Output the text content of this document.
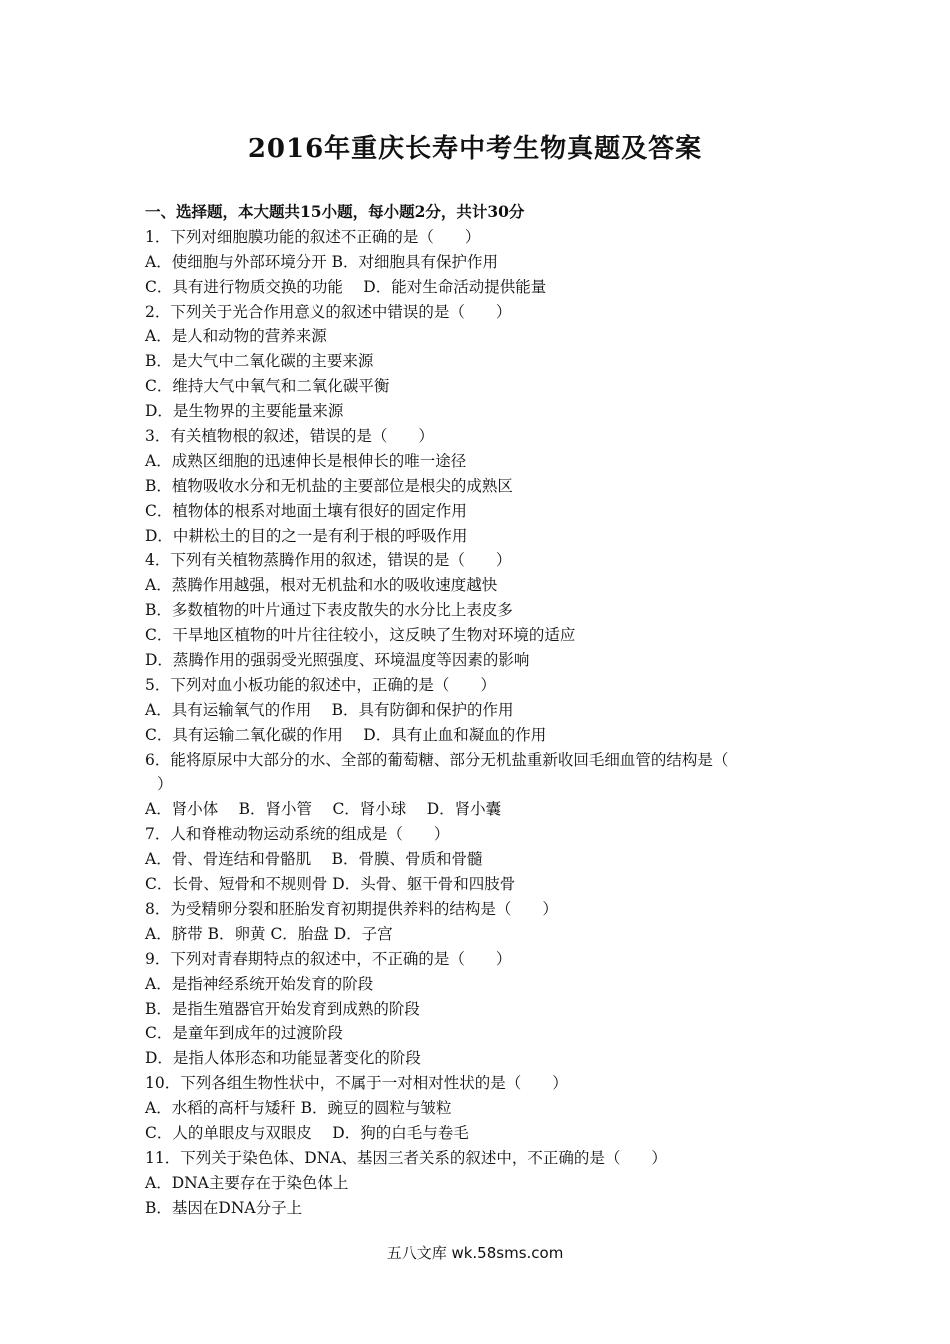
2016年重庆长寿中考生物真题及答案
一、选择题，本大题共15小题，每小题2分，共计30分
1．下列对细胞膜功能的叙述不正确的是（　　）
A．使细胞与外部环境分开 B．对细胞具有保护作用
C．具有进行物质交换的功能　 D．能对生命活动提供能量
2．下列关于光合作用意义的叙述中错误的是（　　）
A．是人和动物的营养来源
B．是大气中二氧化碳的主要来源
C．维持大气中氧气和二氧化碳平衡
D．是生物界的主要能量来源
3．有关植物根的叙述，错误的是（　　）
A．成熟区细胞的迅速伸长是根伸长的唯一途径
B．植物吸收水分和无机盐的主要部位是根尖的成熟区
C．植物体的根系对地面土壤有很好的固定作用
D．中耕松土的目的之一是有利于根的呼吸作用
4．下列有关植物蒸腾作用的叙述，错误的是（　　）
A．蒸腾作用越强，根对无机盐和水的吸收速度越快
B．多数植物的叶片通过下表皮散失的水分比上表皮多
C．干旱地区植物的叶片往往较小，这反映了生物对环境的适应
D．蒸腾作用的强弱受光照强度、环境温度等因素的影响
5．下列对血小板功能的叙述中，正确的是（　　）
A．具有运输氧气的作用　 B．具有防御和保护的作用
C．具有运输二氧化碳的作用　 D．具有止血和凝血的作用
6．能将原尿中大部分的水、全部的葡萄糖、部分无机盐重新收回毛细血管的结构是（
）
A．肾小体　 B．肾小管　 C．肾小球　 D．肾小囊
7．人和脊椎动物运动系统的组成是（　　）
A．骨、骨连结和骨骼肌　 B．骨膜、骨质和骨髓
C．长骨、短骨和不规则骨 D．头骨、躯干骨和四肢骨
8．为受精卵分裂和胚胎发育初期提供养料的结构是（　　）
A．脐带 B．卵黄 C．胎盘 D．子宫
9．下列对青春期特点的叙述中，不正确的是（　　）
A．是指神经系统开始发育的阶段
B．是指生殖器官开始发育到成熟的阶段
C．是童年到成年的过渡阶段
D．是指人体形态和功能显著变化的阶段
10．下列各组生物性状中，不属于一对相对性状的是（　　）
A．水稻的高杆与矮秆 B．豌豆的圆粒与皱粒
C．人的单眼皮与双眼皮　 D．狗的白毛与卷毛
11．下列关于染色体、DNA、基因三者关系的叙述中，不正确的是（　　）
A．DNA主要存在于染色体上
B．基因在DNA分子上
五八文库 wk.58sms.com
